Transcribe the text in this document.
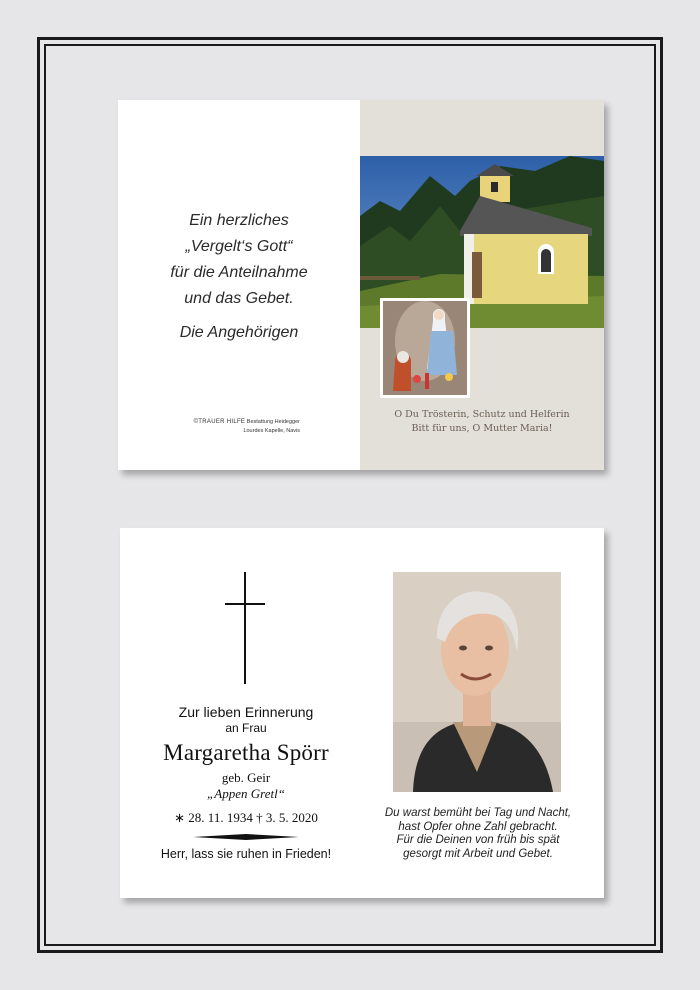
Ein herzliches
„Vergelt‘s Gott“
für die Anteilnahme
und das Gebet.
Die Angehörigen
©TRAUER HILFE Bestattung Heidegger
Lourdes Kapelle, Navis
O Du Trösterin, Schutz und Helferin
Bitt für uns, O Mutter Maria!
Zur lieben Erinnerung
an Frau
Margaretha Spörr
geb. Geir
„Appen Gretl“
∗ 28. 11. 1934 † 3. 5. 2020
Herr, lass sie ruhen in Frieden!
Du warst bemüht bei Tag und Nacht,
hast Opfer ohne Zahl gebracht.
Für die Deinen von früh bis spät
gesorgt mit Arbeit und Gebet.
